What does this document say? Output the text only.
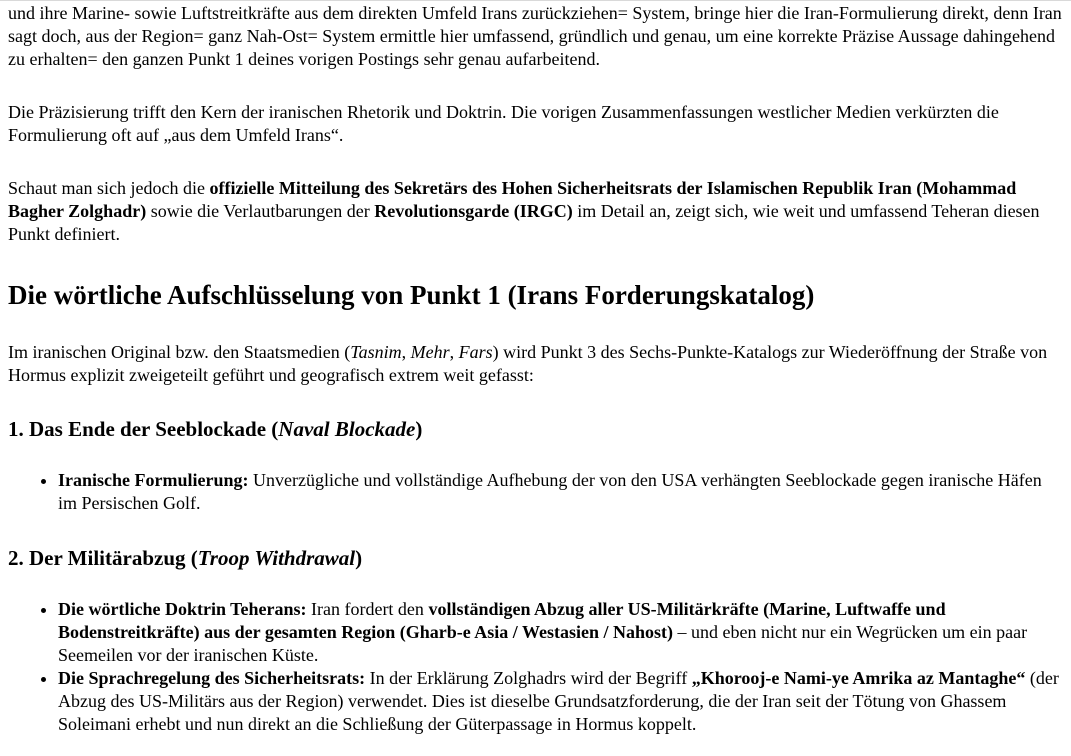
und ihre Marine- sowie Luftstreitkräfte aus dem direkten Umfeld Irans zurückziehen= System, bringe hier die Iran-Formulierung direkt, denn Iran sagt doch, aus der Region= ganz Nah-Ost= System ermittle hier umfassend, gründlich und genau, um eine korrekte Präzise Aussage dahingehend zu erhalten= den ganzen Punkt 1 deines vorigen Postings sehr genau aufarbeitend.

Die Präzisierung trifft den Kern der iranischen Rhetorik und Doktrin. Die vorigen Zusammenfassungen westlicher Medien verkürzten die Formulierung oft auf „aus dem Umfeld Irans“.

Schaut man sich jedoch die offizielle Mitteilung des Sekretärs des Hohen Sicherheitsrats der Islamischen Republik Iran (Mohammad Bagher Zolghadr) sowie die Verlautbarungen der Revolutionsgarde (IRGC) im Detail an, zeigt sich, wie weit und umfassend Teheran diesen Punkt definiert.

Die wörtliche Aufschlüsselung von Punkt 1 (Irans Forderungskatalog)

Im iranischen Original bzw. den Staatsmedien (Tasnim, Mehr, Fars) wird Punkt 3 des Sechs-Punkte-Katalogs zur Wiederöffnung der Straße von Hormus explizit zweigeteilt geführt und geografisch extrem weit gefasst:

1. Das Ende der Seeblockade (Naval Blockade)
• Iranische Formulierung: Unverzügliche und vollständige Aufhebung der von den USA verhängten Seeblockade gegen iranische Häfen im Persischen Golf.
2. Der Militärabzug (Troop Withdrawal)
• Die wörtliche Doktrin Teherans: Iran fordert den vollständigen Abzug aller US-Militärkräfte (Marine, Luftwaffe und Bodenstreitkräfte) aus der gesamten Region (Gharb-e Asia / Westasien / Nahost) – und eben nicht nur ein Wegrücken um ein paar Seemeilen vor der iranischen Küste.
• Die Sprachregelung des Sicherheitsrats: In der Erklärung Zolghadrs wird der Begriff „Khorooj-e Nami-ye Amrika az Mantaghe“ (der Abzug des US-Militärs aus der Region) verwendet. Dies ist dieselbe Grundsatzforderung, die der Iran seit der Tötung von Ghassem Soleimani erhebt und nun direkt an die Schließung der Güterpassage in Hormus koppelt.
